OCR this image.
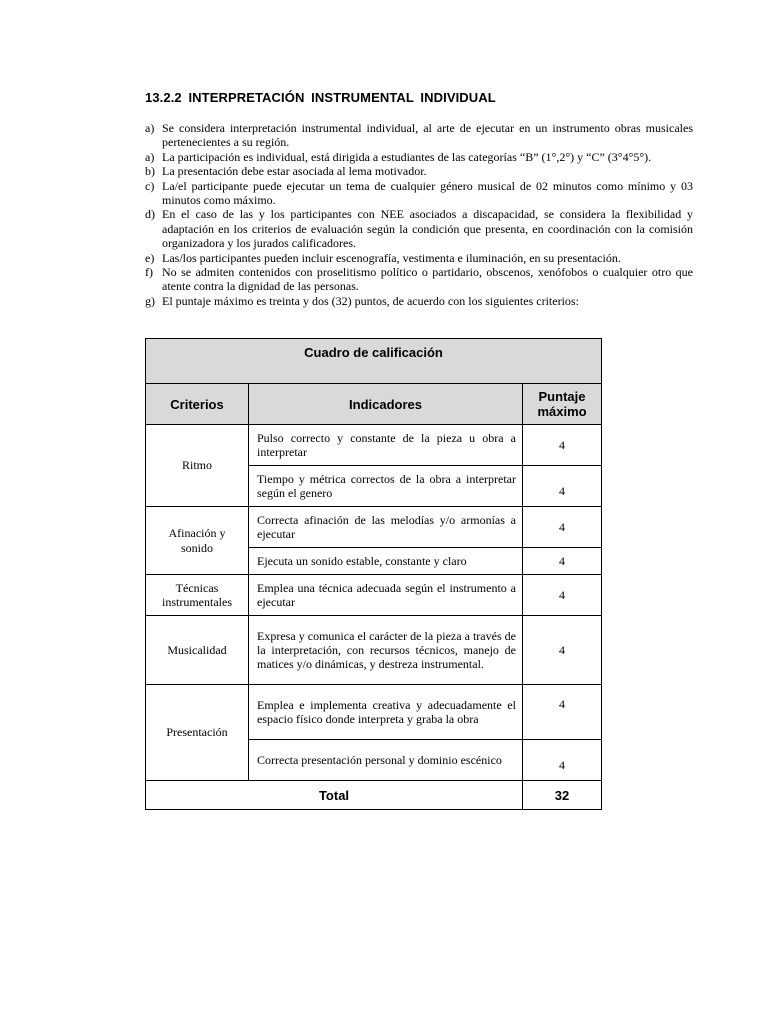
13.2.2 INTERPRETACIÓN INSTRUMENTAL INDIVIDUAL
a) Se considera interpretación instrumental individual, al arte de ejecutar en un instrumento obras musicales pertenecientes a su región.
a) La participación es individual, está dirigida a estudiantes de las categorías “B” (1°,2°) y “C” (3°4°5°).
b) La presentación debe estar asociada al lema motivador.
c) La/el participante puede ejecutar un tema de cualquier género musical de 02 minutos como mínimo y 03 minutos como máximo.
d) En el caso de las y los participantes con NEE asociados a discapacidad, se considera la flexibilidad y adaptación en los criterios de evaluación según la condición que presenta, en coordinación con la comisión organizadora y los jurados calificadores.
e) Las/los participantes pueden incluir escenografía, vestimenta e iluminación, en su presentación.
f) No se admiten contenidos con proselitismo político o partidario, obscenos, xenófobos o cualquier otro que atente contra la dignidad de las personas.
g) El puntaje máximo es treinta y dos (32) puntos, de acuerdo con los siguientes criterios:
Cuadro de calificación		
Criterios	Indicadores	Puntaje máximo
Ritmo	Pulso correcto y constante de la pieza u obra a interpretar	4
	Tiempo y métrica correctos de la obra a interpretar según el genero	4
Afinación y sonido	Correcta afinación de las melodías y/o armonías a ejecutar	4
	Ejecuta un sonido estable, constante y claro	4
Técnicas instrumentales	Emplea una técnica adecuada según el instrumento a ejecutar	4
Musicalidad	Expresa y comunica el carácter de la pieza a través de la interpretación, con recursos técnicos, manejo de matices y/o dinámicas, y destreza instrumental.	4
Presentación	Emplea e implementa creativa y adecuadamente el espacio físico donde interpreta y graba la obra	4
	Correcta presentación personal y dominio escénico	4
Total		32
